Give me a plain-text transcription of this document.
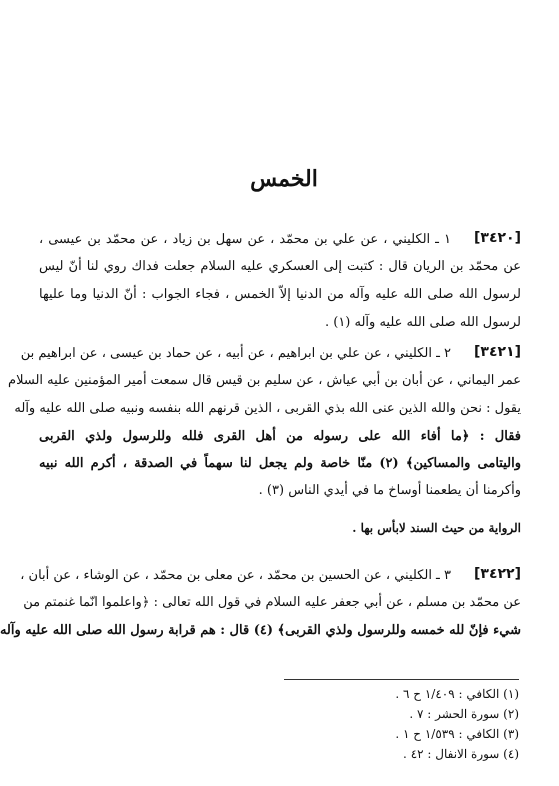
الخمس
[٣٤٢٠]
١ ـ الكليني ، عن علي بن محمّد ، عن سهل بن زياد ، عن محمّد بن عيسى ،
عن محمّد بن الريان قال : كتبت إلى العسكري عليه السلام جعلت فداك روي لنا أنّ ليس
لرسول الله صلى الله عليه وآله من الدنيا إلاّ الخمس ، فجاء الجواب : أنّ الدنيا وما عليها
لرسول الله صلى الله عليه وآله (١) .
[٣٤٢١]
٢ ـ الكليني ، عن علي بن ابراهيم ، عن أبيه ، عن حماد بن عيسى ، عن ابراهيم بن
عمر اليماني ، عن أبان بن أبي عياش ، عن سليم بن قيس قال سمعت أمير المؤمنين عليه السلام
يقول : نحن والله الذين عنى الله بذي القربى ، الذين قرنهم الله بنفسه ونبيه صلى الله عليه وآله
فقال : ﴿ما أفاء الله على رسوله من أهل القرى فلله وللرسول ولذي القربى
واليتامى والمساكين﴾ (٢) منّا خاصة ولم يجعل لنا سهماً في الصدقة ، أكرم الله نبيه
وأكرمنا أن يطعمنا أوساخ ما في أيدي الناس (٣) .
الرواية من حيث السند لابأس بها .
[٣٤٢٢]
٣ ـ الكليني ، عن الحسين بن محمّد ، عن معلى بن محمّد ، عن الوشاء ، عن أبان ،
عن محمّد بن مسلم ، عن أبي جعفر عليه السلام في قول الله تعالى : ﴿واعلموا انّما غنمتم من
شيء فإنّ لله خمسه وللرسول ولذي القربى﴾ (٤) قال : هم قرابة رسول الله صلى الله عليه وآله
(١) الكافي : ١/٤٠٩ ح ٦ .
(٢) سورة الحشر : ٧ .
(٣) الكافي : ١/٥٣٩ ح ١ .
(٤) سورة الانفال : ٤٢ .
